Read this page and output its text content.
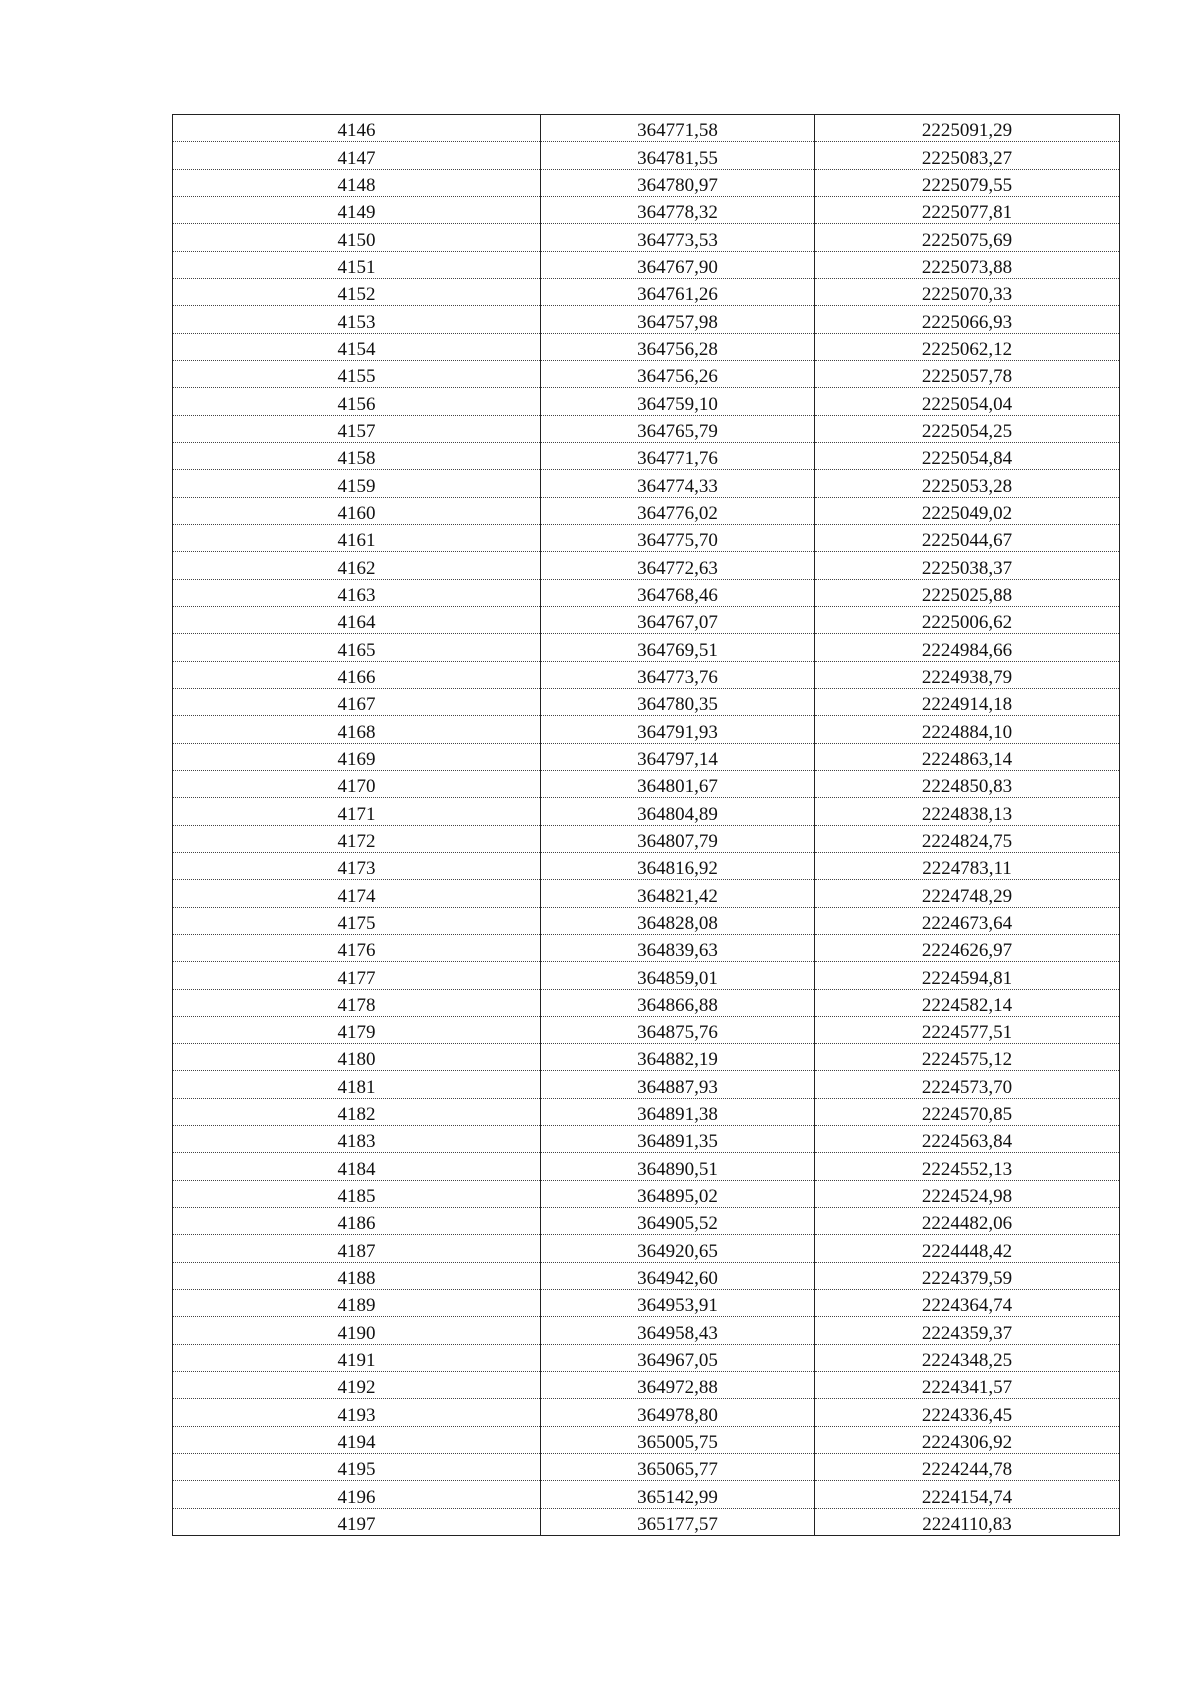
4146	364771,58	2225091,29
4147	364781,55	2225083,27
4148	364780,97	2225079,55
4149	364778,32	2225077,81
4150	364773,53	2225075,69
4151	364767,90	2225073,88
4152	364761,26	2225070,33
4153	364757,98	2225066,93
4154	364756,28	2225062,12
4155	364756,26	2225057,78
4156	364759,10	2225054,04
4157	364765,79	2225054,25
4158	364771,76	2225054,84
4159	364774,33	2225053,28
4160	364776,02	2225049,02
4161	364775,70	2225044,67
4162	364772,63	2225038,37
4163	364768,46	2225025,88
4164	364767,07	2225006,62
4165	364769,51	2224984,66
4166	364773,76	2224938,79
4167	364780,35	2224914,18
4168	364791,93	2224884,10
4169	364797,14	2224863,14
4170	364801,67	2224850,83
4171	364804,89	2224838,13
4172	364807,79	2224824,75
4173	364816,92	2224783,11
4174	364821,42	2224748,29
4175	364828,08	2224673,64
4176	364839,63	2224626,97
4177	364859,01	2224594,81
4178	364866,88	2224582,14
4179	364875,76	2224577,51
4180	364882,19	2224575,12
4181	364887,93	2224573,70
4182	364891,38	2224570,85
4183	364891,35	2224563,84
4184	364890,51	2224552,13
4185	364895,02	2224524,98
4186	364905,52	2224482,06
4187	364920,65	2224448,42
4188	364942,60	2224379,59
4189	364953,91	2224364,74
4190	364958,43	2224359,37
4191	364967,05	2224348,25
4192	364972,88	2224341,57
4193	364978,80	2224336,45
4194	365005,75	2224306,92
4195	365065,77	2224244,78
4196	365142,99	2224154,74
4197	365177,57	2224110,83
